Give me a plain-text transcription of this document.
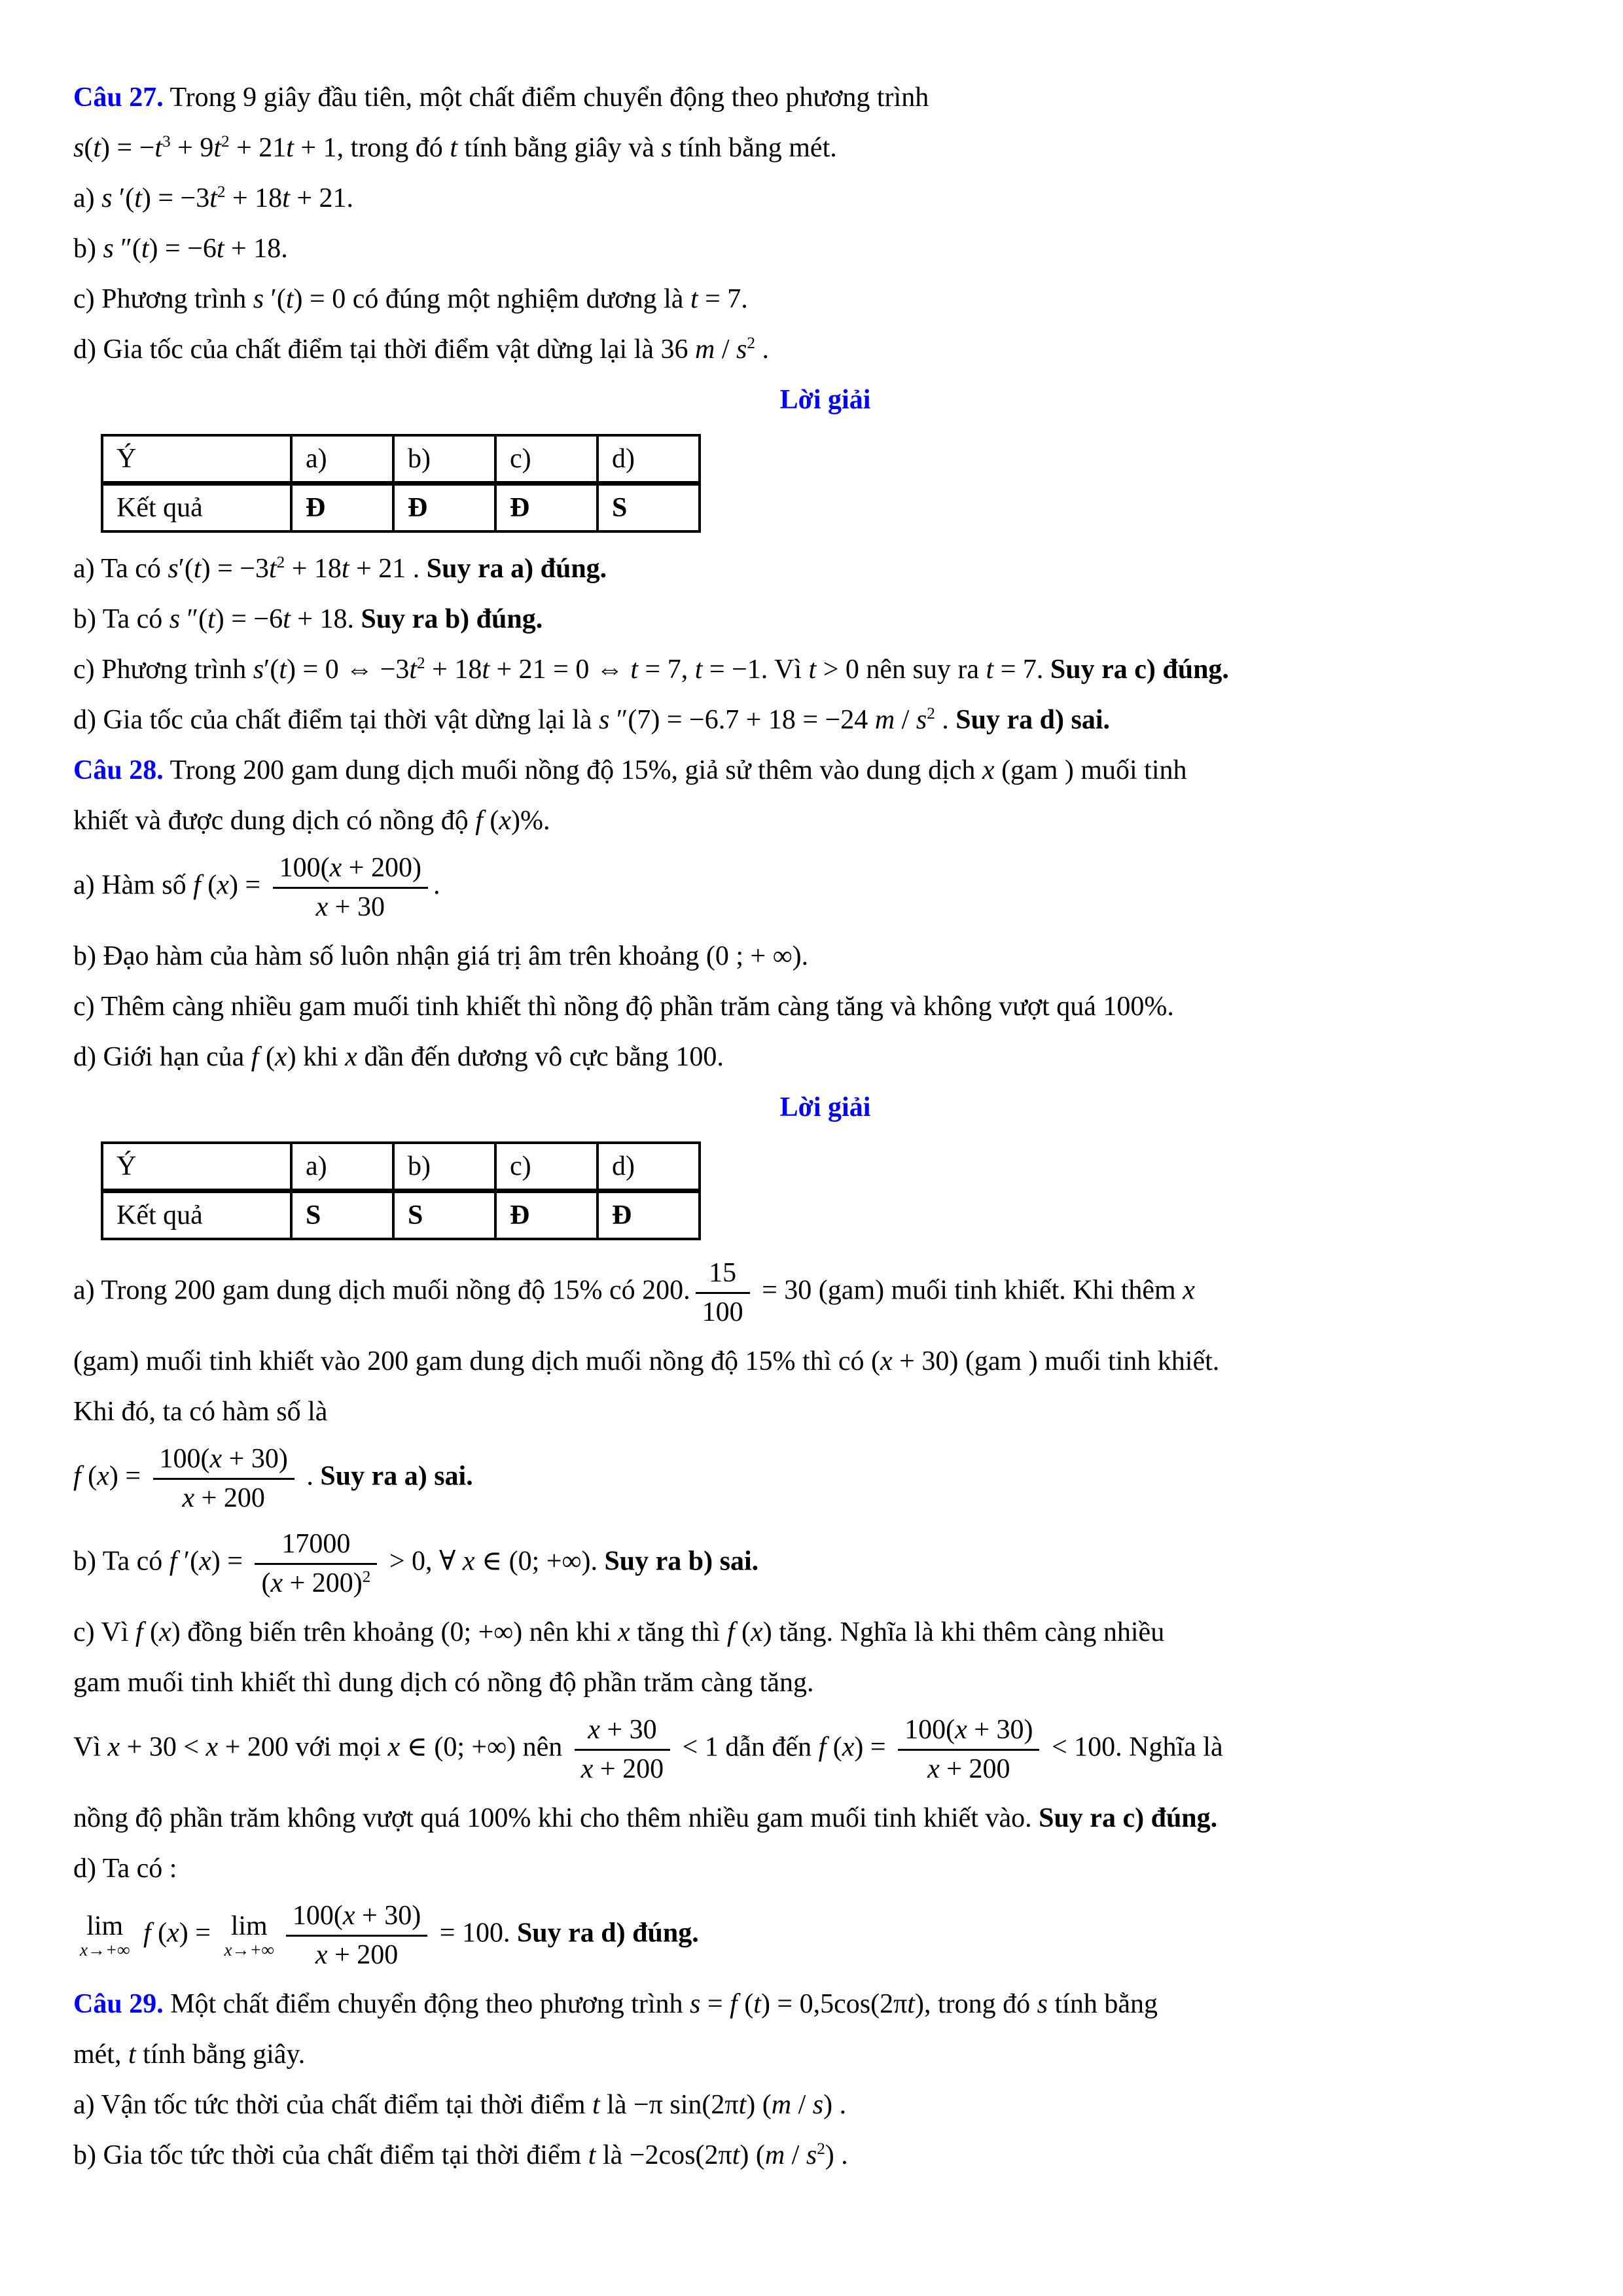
Câu 27. Trong 9 giây đầu tiên, một chất điểm chuyển động theo phương trình
$s(t) = -t^3 + 9t^2 + 21t + 1$, trong đó t tính bằng giây và s tính bằng mét.
a) s $'(t) = -3t^2 + 18t + 21$.
b) s ″(t) = −6t + 18.
c) Phương trình s ′(t) = 0 có đúng một nghiệm dương là t = 7.
d) Gia tốc của chất điểm tại thời điểm vật dừng lại là 36 m / $s^2$ .
Lời giải
Ý	a)	b)	c)	d)
Kết quả	Đ	Đ	Đ	S
a) Ta có $s'(t) = -3t^2 + 18t + 21$ . Suy ra a) đúng.
b) Ta có s ″(t) = −6t + 18. Suy ra b) đúng.
c) Phương trình s′(t) = 0 ⇔ $-3t^2 + 18t + 21 = 0$ ⇔ t = 7, t = −1. Vì t > 0 nên suy ra t = 7. Suy ra c) đúng.
d) Gia tốc của chất điểm tại thời vật dừng lại là s ″(7) = −6.7 + 18 = −24 m / $s^2$ . Suy ra d) sai.
Câu 28. Trong 200 gam dung dịch muối nồng độ 15%, giả sử thêm vào dung dịch x (gam ) muối tinh
khiết và được dung dịch có nồng độ f (x)%.
a) Hàm số f $(x) = \frac{100(x + 200)}{x + 30}$ .
b) Đạo hàm của hàm số luôn nhận giá trị âm trên khoảng (0 ; + ∞).
c) Thêm càng nhiều gam muối tinh khiết thì nồng độ phần trăm càng tăng và không vượt quá 100%.
d) Giới hạn của f (x) khi x dần đến dương vô cực bằng 100.
Lời giải
Ý	a)	b)	c)	d)
Kết quả	S	S	Đ	Đ
a) Trong 200 gam dung dịch muối nồng độ 15% có 200. $\frac{15}{100} = 30$ (gam) muối tinh khiết. Khi thêm x
(gam) muối tinh khiết vào 200 gam dung dịch muối nồng độ 15% thì có (x + 30) (gam ) muối tinh khiết.
Khi đó, ta có hàm số là
f $(x) = \frac{100(x + 30)}{x + 200}$ . Suy ra a) sai.
b) Ta có f $'(x) = \frac{17000}{(x + 200)^2} > 0$, ∀ x ∈ (0; +∞). Suy ra b) sai.
c) Vì f (x) đồng biến trên khoảng (0; +∞) nên khi x tăng thì f (x) tăng. Nghĩa là khi thêm càng nhiều
gam muối tinh khiết thì dung dịch có nồng độ phần trăm càng tăng.
Vì x + 30 < x + 200 với mọi x ∈ (0; +∞) nên $\frac{x + 30}{x + 200} < 1$ dẫn đến f $(x) = \frac{100(x + 30)}{x + 200} < 100$. Nghĩa là
nồng độ phần trăm không vượt quá 100% khi cho thêm nhiều gam muối tinh khiết vào. Suy ra c) đúng.
d) Ta có :
lim
x→+∞
f (x) = lim
$x\to+\infty \frac{100(x + 30)}{x + 200} = 100$. Suy ra d) đúng.
Câu 29. Một chất điểm chuyển động theo phương trình s = f (t) = 0,5cos(2πt), trong đó s tính bằng
mét, t tính bằng giây.
a) Vận tốc tức thời của chất điểm tại thời điểm t là −π sin(2πt) (m / s) .
b) Gia tốc tức thời của chất điểm tại thời điểm t là −2cos(2πt) $(m / s^2)$ .
